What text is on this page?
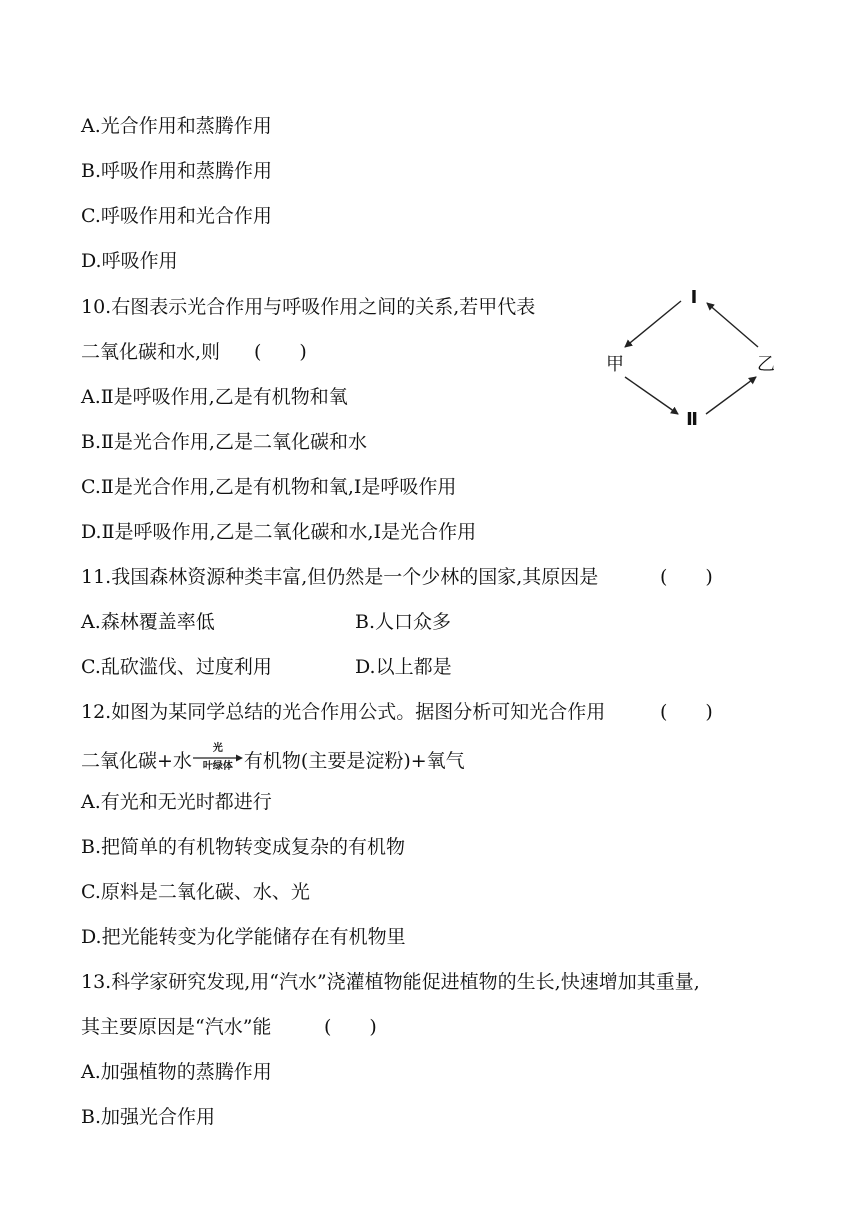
A.光合作用和蒸腾作用
B.呼吸作用和蒸腾作用
C.呼吸作用和光合作用
D.呼吸作用
10.右图表示光合作用与呼吸作用之间的关系,若甲代表
二氧化碳和水,则 (　　)
A.Ⅱ是呼吸作用,乙是有机物和氧
B.Ⅱ是光合作用,乙是二氧化碳和水
C.Ⅱ是光合作用,乙是有机物和氧,Ⅰ是呼吸作用
D.Ⅱ是呼吸作用,乙是二氧化碳和水,Ⅰ是光合作用
Ⅰ
甲	乙
Ⅱ
11.我国森林资源种类丰富,但仍然是一个少林的国家,其原因是	(　　)
A.森林覆盖率低	B.人口众多
C.乱砍滥伐、过度利用	D.以上都是
12.如图为某同学总结的光合作用公式。据图分析可知光合作用	(　　)
二氧化碳+水
光
叶绿体 有机物(主要是淀粉)+氧气
A.有光和无光时都进行
B.把简单的有机物转变成复杂的有机物
C.原料是二氧化碳、水、光
D.把光能转变为化学能储存在有机物里
13.科学家研究发现,用“汽水”浇灌植物能促进植物的生长,快速增加其重量,
其主要原因是“汽水”能	(　　)
A.加强植物的蒸腾作用
B.加强光合作用
